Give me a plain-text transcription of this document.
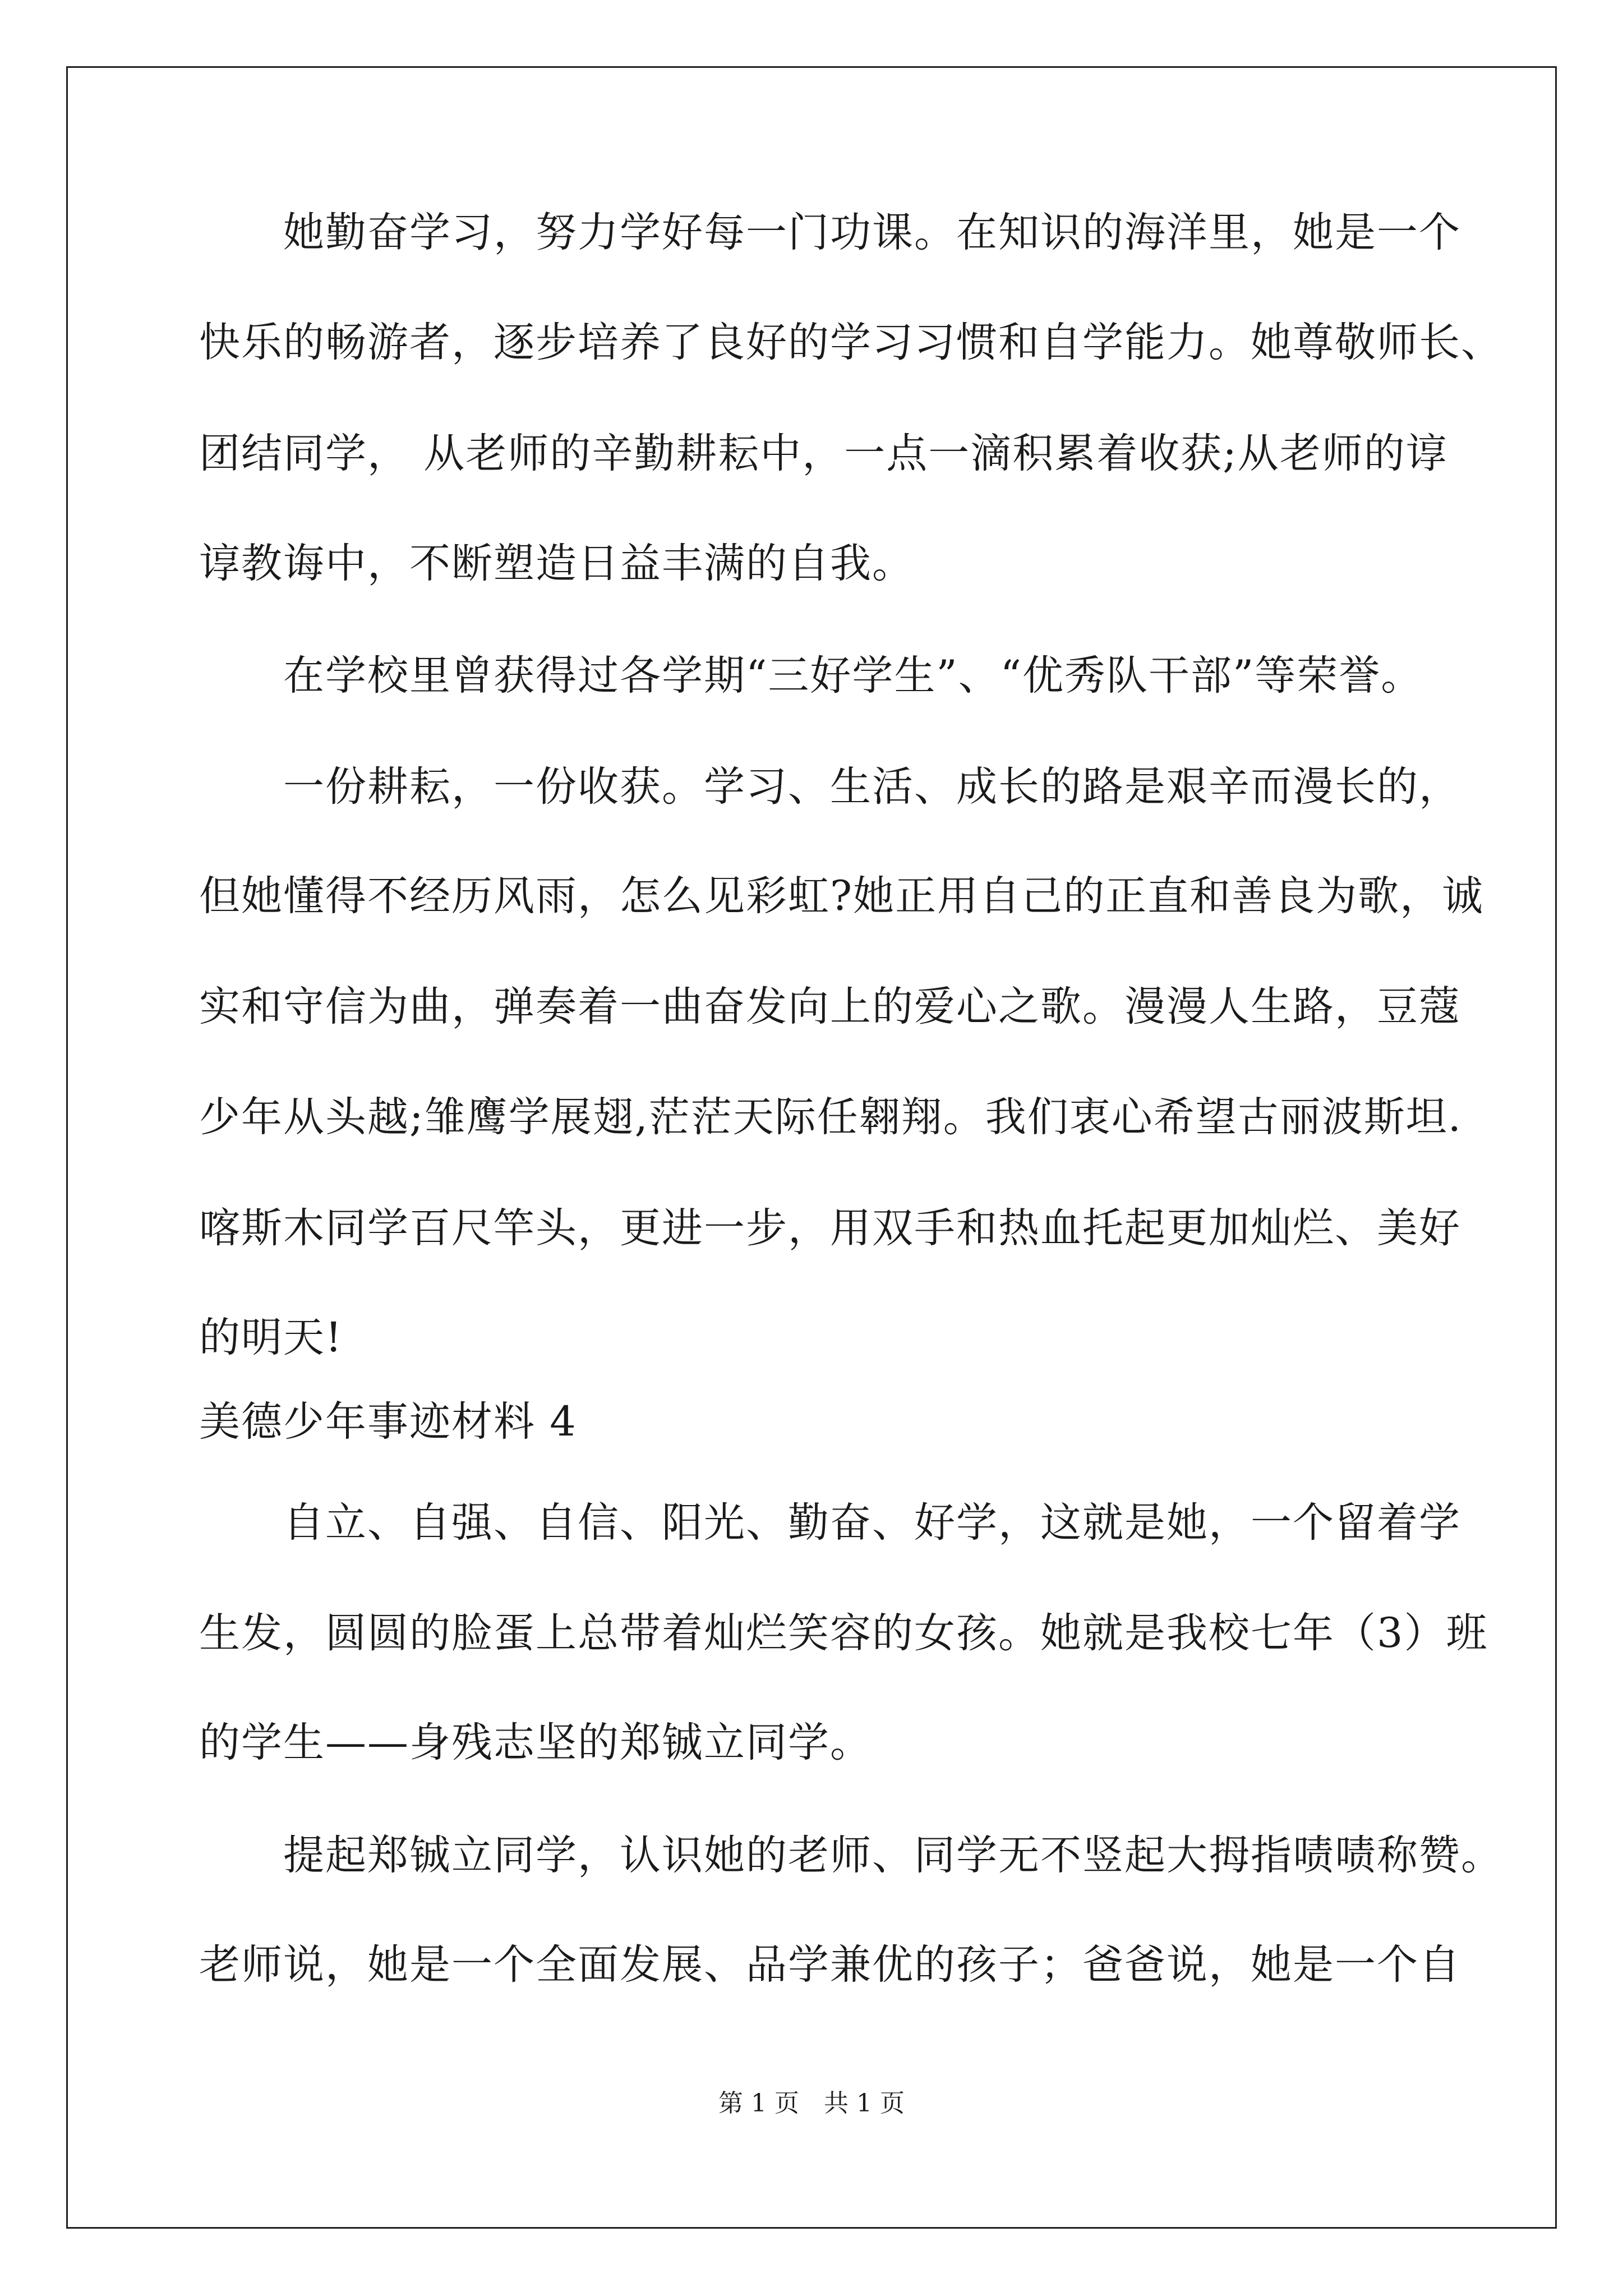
她勤奋学习，努力学好每一门功课。在知识的海洋里，她是一个
快乐的畅游者，逐步培养了良好的学习习惯和自学能力。她尊敬师长、
团结同学， 从老师的辛勤耕耘中，一点一滴积累着收获;从老师的谆
谆教诲中，不断塑造日益丰满的自我。
在学校里曾获得过各学期“三好学生”、“优秀队干部”等荣誉。
一份耕耘，一份收获。学习、生活、成长的路是艰辛而漫长的，
但她懂得不经历风雨，怎么见彩虹?她正用自己的正直和善良为歌，诚
实和守信为曲，弹奏着一曲奋发向上的爱心之歌。漫漫人生路，豆蔻
少年从头越;雏鹰学展翅,茫茫天际任翱翔。我们衷心希望古丽波斯坦.
喀斯木同学百尺竿头，更进一步，用双手和热血托起更加灿烂、美好
的明天!
美德少年事迹材料 4
自立、自强、自信、阳光、勤奋、好学，这就是她，一个留着学
生发，圆圆的脸蛋上总带着灿烂笑容的女孩。她就是我校七年（3）班
的学生——身残志坚的郑铖立同学。
提起郑铖立同学，认识她的老师、同学无不竖起大拇指啧啧称赞。
老师说，她是一个全面发展、品学兼优的孩子；爸爸说，她是一个自
第 1 页　共 1 页
